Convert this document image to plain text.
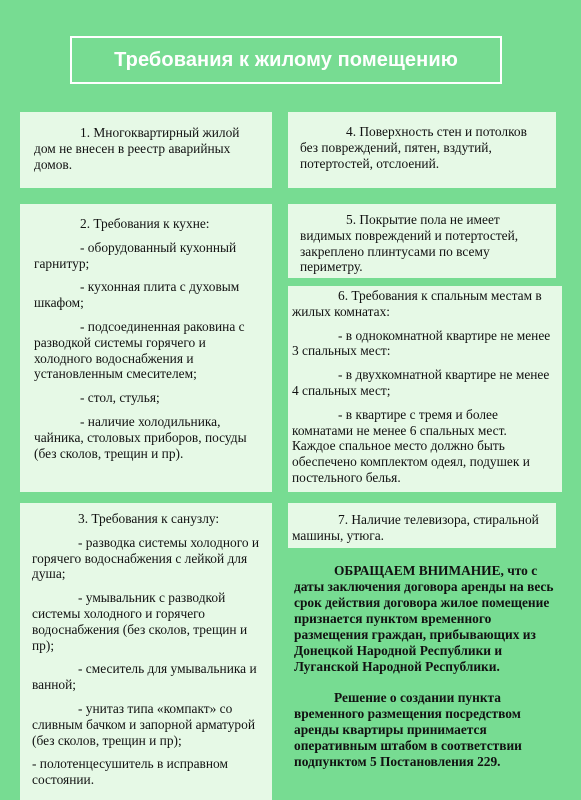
Требования к жилому помещению

1. Многоквартирный жилой дом не внесен в реестр аварийных домов.

2. Требования к кухне:

- оборудованный кухонный гарнитур;

- кухонная плита с духовым шкафом;

- подсоединенная раковина с разводкой системы горячего и холодного водоснабжения и установленным смесителем;

- стол, стулья;

- наличие холодильника, чайника, столовых приборов, посуды (без сколов, трещин и пр).

3. Требования к санузлу:

- разводка системы холодного и горячего водоснабжения с лейкой для душа;

- умывальник с разводкой системы холодного и горячего водоснабжения (без сколов, трещин и пр);

- смеситель для умывальника и ванной;

- унитаз типа «компакт» со сливным бачком и запорной арматурой (без сколов, трещин и пр);

- полотенцесушитель в исправном состоянии.

4. Поверхность стен и потолков без повреждений, пятен, вздутий, потертостей, отслоений.

5. Покрытие пола не имеет видимых повреждений и потертостей, закреплено плинтусами по всему периметру.

6. Требования к спальным местам в жилых комнатах:

- в однокомнатной квартире не менее 3 спальных мест:

- в двухкомнатной квартире не менее 4 спальных мест;

- в квартире с тремя и более комнатами не менее 6 спальных мест.

Каждое спальное место должно быть обеспечено комплектом одеял, подушек и постельного белья.

7. Наличие телевизора, стиральной машины, утюга.

ОБРАЩАЕМ ВНИМАНИЕ, что с даты заключения договора аренды на весь срок действия договора жилое помещение признается пунктом временного размещения граждан, прибывающих из Донецкой Народной Республики и Луганской Народной Республики.

Решение о создании пункта временного размещения посредством аренды квартиры принимается оперативным штабом в соответствии подпунктом 5 Постановления 229.
